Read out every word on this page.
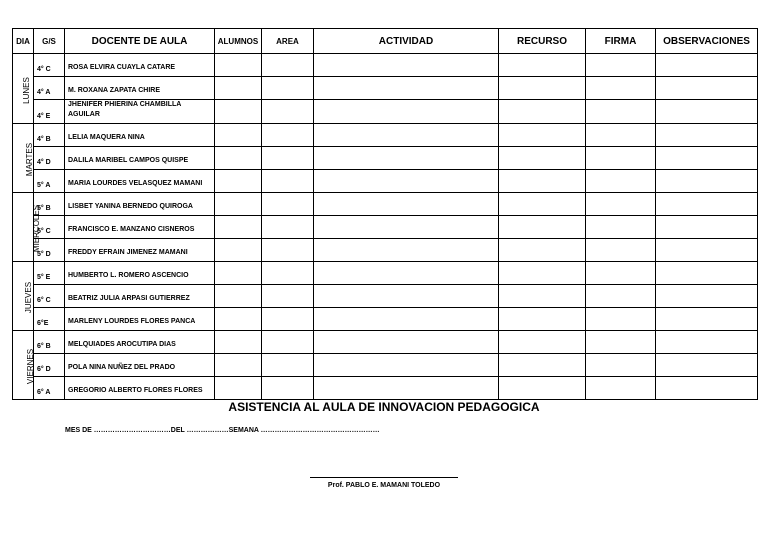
DIA	G/S	DOCENTE DE AULA	ALUMNOS	AREA	ACTIVIDAD	RECURSO	FIRMA	OBSERVACIONES
LUNES	4° C	ROSA ELVIRA CUAYLA CATARE						
	4° A	M. ROXANA ZAPATA CHIRE						
	4° E	JHENIFER PHIERINA CHAMBILLA AGUILAR						
MARTES	4° B	LELIA MAQUERA NINA						
	4° D	DALILA MARIBEL CAMPOS QUISPE						
	5° A	MARIA LOURDES VELASQUEZ MAMANI						
MIERCOLES	5° B	LISBET YANINA BERNEDO QUIROGA						
	5° C	FRANCISCO E. MANZANO CISNEROS						
	5° D	FREDDY EFRAIN JIMENEZ MAMANI						
JUEVES	5° E	HUMBERTO L. ROMERO ASCENCIO						
	6° C	BEATRIZ JULIA ARPASI GUTIERREZ						
	6°E	MARLENY LOURDES FLORES PANCA						
VIERNES	6° B	MELQUIADES AROCUTIPA DIAS						
	6° D	POLA NINA NUÑEZ DEL PRADO						
	6° A	GREGORIO ALBERTO FLORES FLORES						
ASISTENCIA AL AULA DE INNOVACION PEDAGOGICA
MES DE ……………………………DEL ………………SEMANA ……………………………………………
Prof. PABLO E. MAMANI TOLEDO
